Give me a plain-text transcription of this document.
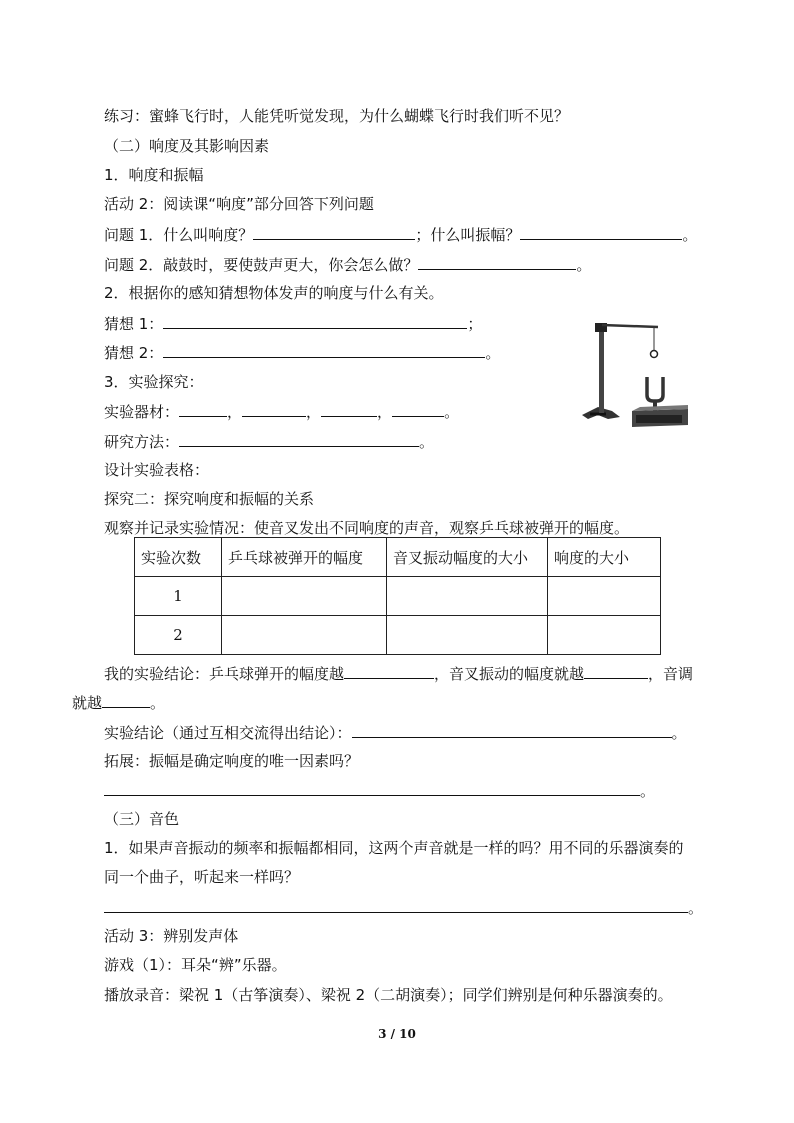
练习：蜜蜂飞行时，人能凭听觉发现，为什么蝴蝶飞行时我们听不见？
（二）响度及其影响因素
1．响度和振幅
活动 2：阅读课“响度”部分回答下列问题
问题 1．什么叫响度？	；什么叫振幅？	。
问题 2．敲鼓时，要使鼓声更大，你会怎么做？	。
2．根据你的感知猜想物体发声的响度与什么有关。
猜想 1：	；
猜想 2：	。
3．实验探究：
实验器材：	，	，	，	。
研究方法：	。
设计实验表格：
探究二：探究响度和振幅的关系
观察并记录实验情况：使音叉发出不同响度的声音，观察乒乓球被弹开的幅度。
实验次数	乒乓球被弹开的幅度	音叉振动幅度的大小	响度的大小
1			
2			
我的实验结论：乒乓球弹开的幅度越	，音叉振动的幅度就越	，音调
就越	。
实验结论（通过互相交流得出结论）：	。
拓展：振幅是确定响度的唯一因素吗？
。
（三）音色
1．如果声音振动的频率和振幅都相同，这两个声音就是一样的吗？用不同的乐器演奏的
同一个曲子，听起来一样吗？
。
活动 3：辨别发声体
游戏（1）：耳朵“辨”乐器。
播放录音：梁祝 1（古筝演奏）、梁祝 2（二胡演奏）；同学们辨别是何种乐器演奏的。
3 / 10
